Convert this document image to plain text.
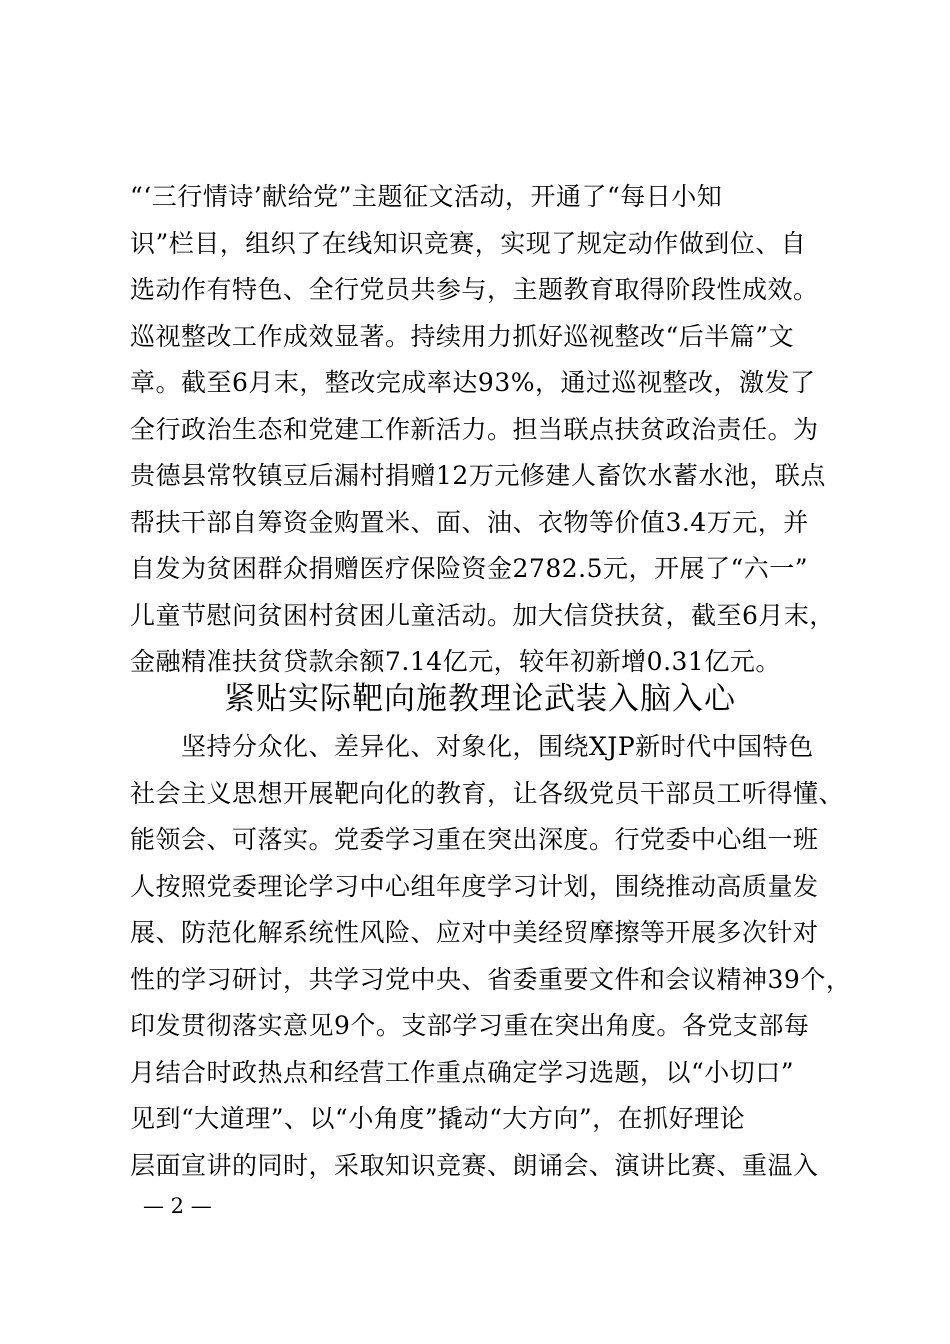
“‘三行情诗’献给党”主题征文活动，开通了“每日小知
识”栏目，组织了在线知识竞赛，实现了规定动作做到位、自
选动作有特色、全行党员共参与，主题教育取得阶段性成效。
巡视整改工作成效显著。持续用力抓好巡视整改“后半篇”文
章。截至6月末，整改完成率达93%，通过巡视整改，激发了
全行政治生态和党建工作新活力。担当联点扶贫政治责任。为
贵德县常牧镇豆后漏村捐赠12万元修建人畜饮水蓄水池，联点
帮扶干部自筹资金购置米、面、油、衣物等价值3.4万元，并
自发为贫困群众捐赠医疗保险资金2782.5元，开展了“六一”
儿童节慰问贫困村贫困儿童活动。加大信贷扶贫，截至6月末，
金融精准扶贫贷款余额7.14亿元，较年初新增0.31亿元。
紧贴实际靶向施教理论武装入脑入心
　　坚持分众化、差异化、对象化，围绕XJP新时代中国特色
社会主义思想开展靶向化的教育，让各级党员干部员工听得懂、
能领会、可落实。党委学习重在突出深度。行党委中心组一班
人按照党委理论学习中心组年度学习计划，围绕推动高质量发
展、防范化解系统性风险、应对中美经贸摩擦等开展多次针对
性的学习研讨，共学习党中央、省委重要文件和会议精神39个，
印发贯彻落实意见9个。支部学习重在突出角度。各党支部每
月结合时政热点和经营工作重点确定学习选题，以“小切口”
见到“大道理”、以“小角度”撬动“大方向”，在抓好理论
层面宣讲的同时，采取知识竞赛、朗诵会、演讲比赛、重温入
— 2 —
